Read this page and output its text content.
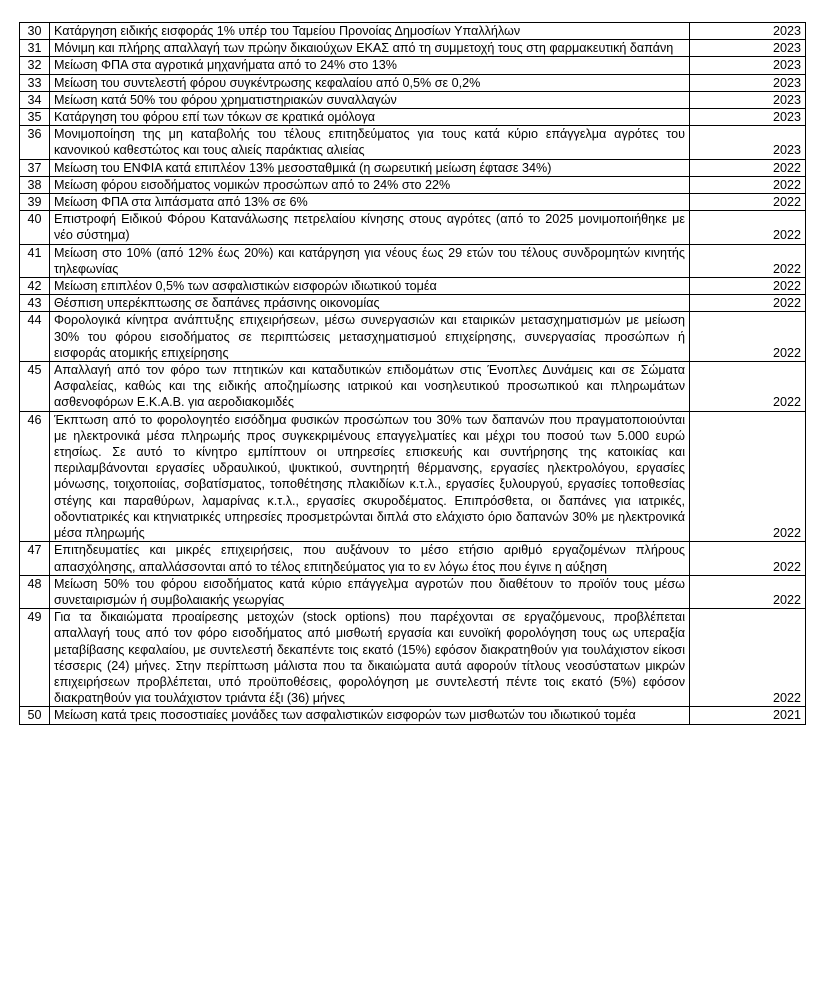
30	Κατάργηση ειδικής εισφοράς 1% υπέρ του Ταμείου Προνοίας Δημοσίων Υπαλλήλων	2023
31	Μόνιμη και πλήρης απαλλαγή των πρώην δικαιούχων ΕΚΑΣ από τη συμμετοχή τους στη φαρμακευτική δαπάνη	2023
32	Μείωση ΦΠΑ στα αγροτικά μηχανήματα από το 24% στο 13%	2023
33	Μείωση του συντελεστή φόρου συγκέντρωσης κεφαλαίου από 0,5% σε 0,2%	2023
34	Μείωση κατά 50% του φόρου χρηματιστηριακών συναλλαγών	2023
35	Κατάργηση του φόρου επί των τόκων σε κρατικά ομόλογα	2023
36	Μονιμοποίηση της μη καταβολής του τέλους επιτηδεύματος για τους κατά κύριο επάγγελμα αγρότες του κανονικού καθεστώτος και τους αλιείς παράκτιας αλιείας	2023
37	Μείωση του ΕΝΦΙΑ κατά επιπλέον 13% μεσοσταθμικά (η σωρευτική μείωση έφτασε 34%)	2022
38	Μείωση φόρου εισοδήματος νομικών προσώπων από το 24% στο 22%	2022
39	Μείωση ΦΠΑ στα λιπάσματα από 13% σε 6%	2022
40	Επιστροφή Ειδικού Φόρου Κατανάλωσης πετρελαίου κίνησης στους αγρότες (από το 2025 μονιμοποιήθηκε με νέο σύστημα)	2022
41	Μείωση στο 10% (από 12% έως 20%) και κατάργηση για νέους έως 29 ετών του τέλους συνδρομητών κινητής τηλεφωνίας	2022
42	Μείωση επιπλέον 0,5% των ασφαλιστικών εισφορών ιδιωτικού τομέα	2022
43	Θέσπιση υπερέκπτωσης σε δαπάνες πράσινης οικονομίας	2022
44	Φορολογικά κίνητρα ανάπτυξης επιχειρήσεων, μέσω συνεργασιών και εταιρικών μετασχηματισμών με μείωση 30% του φόρου εισοδήματος σε περιπτώσεις μετασχηματισμού επιχείρησης, συνεργασίας προσώπων ή εισφοράς ατομικής επιχείρησης	2022
45	Απαλλαγή από τον φόρο των πτητικών και καταδυτικών επιδομάτων στις Ένοπλες Δυνάμεις και σε Σώματα Ασφαλείας, καθώς και της ειδικής αποζημίωσης ιατρικού και νοσηλευτικού προσωπικού και πληρωμάτων ασθενοφόρων Ε.Κ.Α.Β. για αεροδιακομιδές	2022
46	Έκπτωση από το φορολογητέο εισόδημα φυσικών προσώπων του 30% των δαπανών που πραγματοποιούνται με ηλεκτρονικά μέσα πληρωμής προς συγκεκριμένους επαγγελματίες και μέχρι του ποσού των 5.000 ευρώ ετησίως. Σε αυτό το κίνητρο εμπίπτουν οι υπηρεσίες επισκευής και συντήρησης της κατοικίας και περιλαμβάνονται εργασίες υδραυλικού, ψυκτικού, συντηρητή θέρμανσης, εργασίες ηλεκτρολόγου, εργασίες μόνωσης, τοιχοποιίας, σοβατίσματος, τοποθέτησης πλακιδίων κ.τ.λ., εργασίες ξυλουργού, εργασίες τοποθεσίας στέγης και παραθύρων, λαμαρίνας κ.τ.λ., εργασίες σκυροδέματος. Επιπρόσθετα, οι δαπάνες για ιατρικές, οδοντιατρικές και κτηνιατρικές υπηρεσίες προσμετρώνται διπλά στο ελάχιστο όριο δαπανών 30% με ηλεκτρονικά μέσα πληρωμής	2022
47	Επιτηδευματίες και μικρές επιχειρήσεις, που αυξάνουν το μέσο ετήσιο αριθμό εργαζομένων πλήρους απασχόλησης, απαλλάσσονται από το τέλος επιτηδεύματος για το εν λόγω έτος που έγινε η αύξηση	2022
48	Μείωση 50% του φόρου εισοδήματος κατά κύριο επάγγελμα αγροτών που διαθέτουν το προϊόν τους μέσω συνεταιρισμών ή συμβολαιακής γεωργίας	2022
49	Για τα δικαιώματα προαίρεσης μετοχών (stock options) που παρέχονται σε εργαζόμενους, προβλέπεται απαλλαγή τους από τον φόρο εισοδήματος από μισθωτή εργασία και ευνοϊκή φορολόγηση τους ως υπεραξία μεταβίβασης κεφαλαίου, με συντελεστή δεκαπέντε τοις εκατό (15%) εφόσον διακρατηθούν για τουλάχιστον είκοσι τέσσερις (24) μήνες. Στην περίπτωση μάλιστα που τα δικαιώματα αυτά αφορούν τίτλους νεοσύστατων μικρών επιχειρήσεων προβλέπεται, υπό προϋποθέσεις, φορολόγηση με συντελεστή πέντε τοις εκατό (5%) εφόσον διακρατηθούν για τουλάχιστον τριάντα έξι (36) μήνες	2022
50	Μείωση κατά τρεις ποσοστιαίες μονάδες των ασφαλιστικών εισφορών των μισθωτών του ιδιωτικού τομέα	2021
